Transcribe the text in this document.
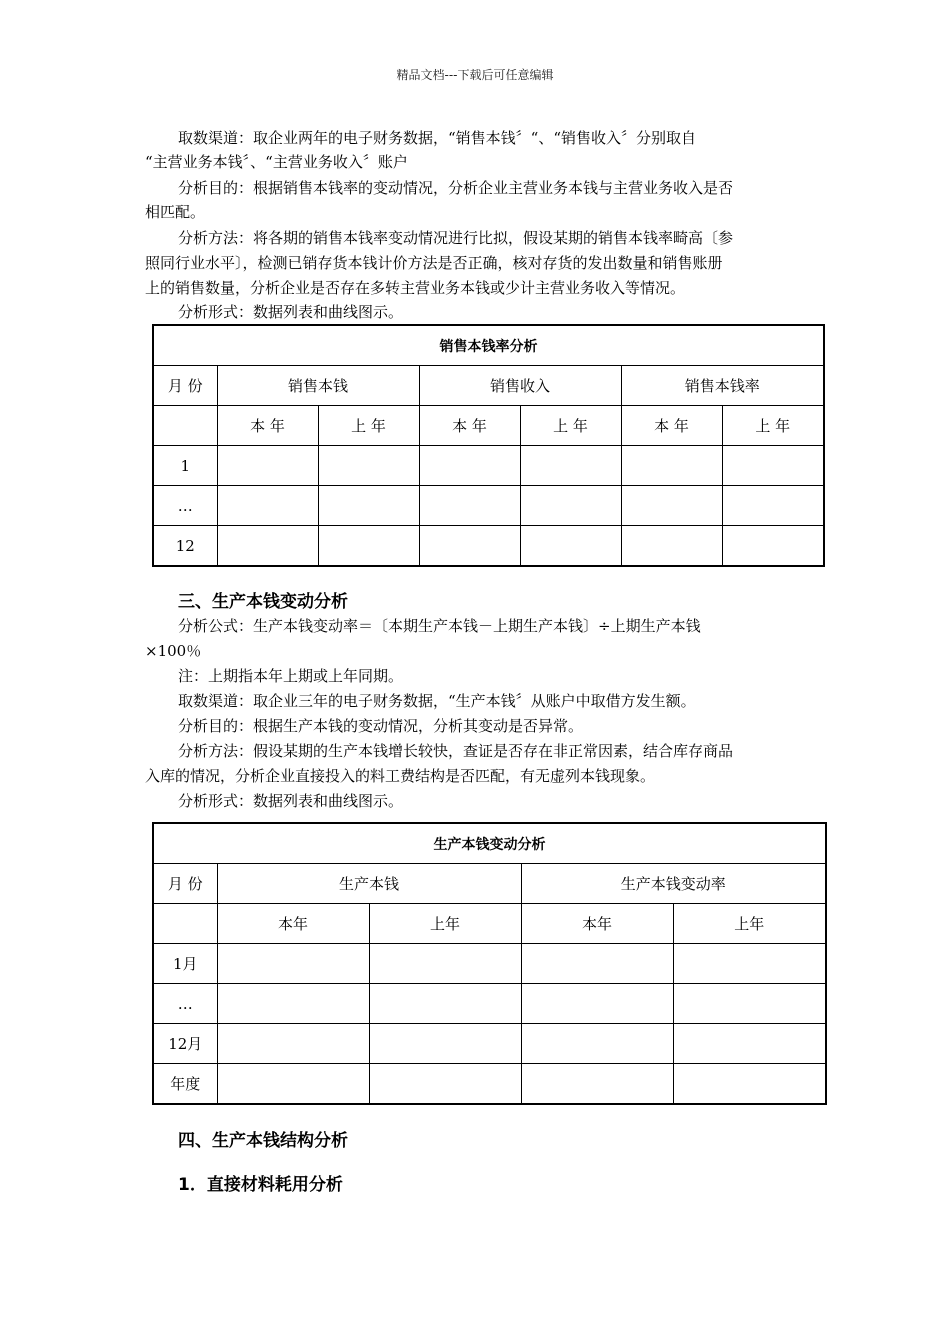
精品文档---下载后可任意编辑
取数渠道：取企业两年的电子财务数据，“销售本钱〞“、“销售收入〞分别取自
“主营业务本钱〞、“主营业务收入〞账户
分析目的：根据销售本钱率的变动情况，分析企业主营业务本钱与主营业务收入是否
相匹配。
分析方法：将各期的销售本钱率变动情况进行比拟，假设某期的销售本钱率畸高〔参
照同行业水平〕，检测已销存货本钱计价方法是否正确，核对存货的发出数量和销售账册
上的销售数量，分析企业是否存在多转主营业务本钱或少计主营业务收入等情况。
分析形式：数据列表和曲线图示。
销售本钱率分析						
月 份	销售本钱		销售收入		销售本钱率	
	本 年	上 年	本 年	上 年	本 年	上 年
1						
…						
12						
三、生产本钱变动分析
分析公式：生产本钱变动率＝〔本期生产本钱－上期生产本钱〕÷上期生产本钱
×100％
注：上期指本年上期或上年同期。
取数渠道：取企业三年的电子财务数据，“生产本钱〞从账户中取借方发生额。
分析目的：根据生产本钱的变动情况，分析其变动是否异常。
分析方法：假设某期的生产本钱增长较快，查证是否存在非正常因素，结合库存商品
入库的情况，分析企业直接投入的料工费结构是否匹配，有无虚列本钱现象。
分析形式：数据列表和曲线图示。
生产本钱变动分析				
月 份	生产本钱		生产本钱变动率	
	本年	上年	本年	上年
1月				
…				
12月				
年度				
四、生产本钱结构分析
1．直接材料耗用分析
